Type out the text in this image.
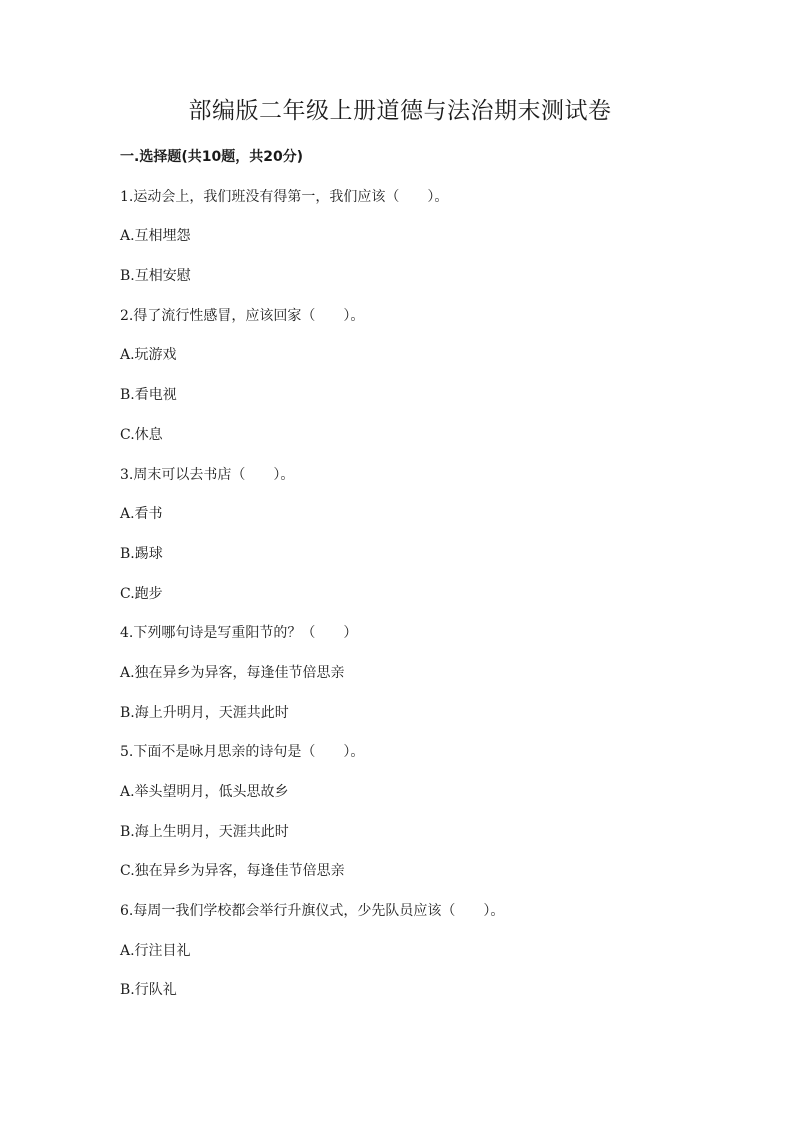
部编版二年级上册道德与法治期末测试卷
一.选择题(共10题，共20分)
1.运动会上，我们班没有得第一，我们应该（　　）。
A.互相埋怨
B.互相安慰
2.得了流行性感冒，应该回家（　　）。
A.玩游戏
B.看电视
C.休息
3.周末可以去书店（　　）。
A.看书
B.踢球
C.跑步
4.下列哪句诗是写重阳节的？（　　）
A.独在异乡为异客，每逢佳节倍思亲
B.海上升明月，天涯共此时
5.下面不是咏月思亲的诗句是（　　）。
A.举头望明月，低头思故乡
B.海上生明月，天涯共此时
C.独在异乡为异客，每逢佳节倍思亲
6.每周一我们学校都会举行升旗仪式，少先队员应该（　　）。
A.行注目礼
B.行队礼
